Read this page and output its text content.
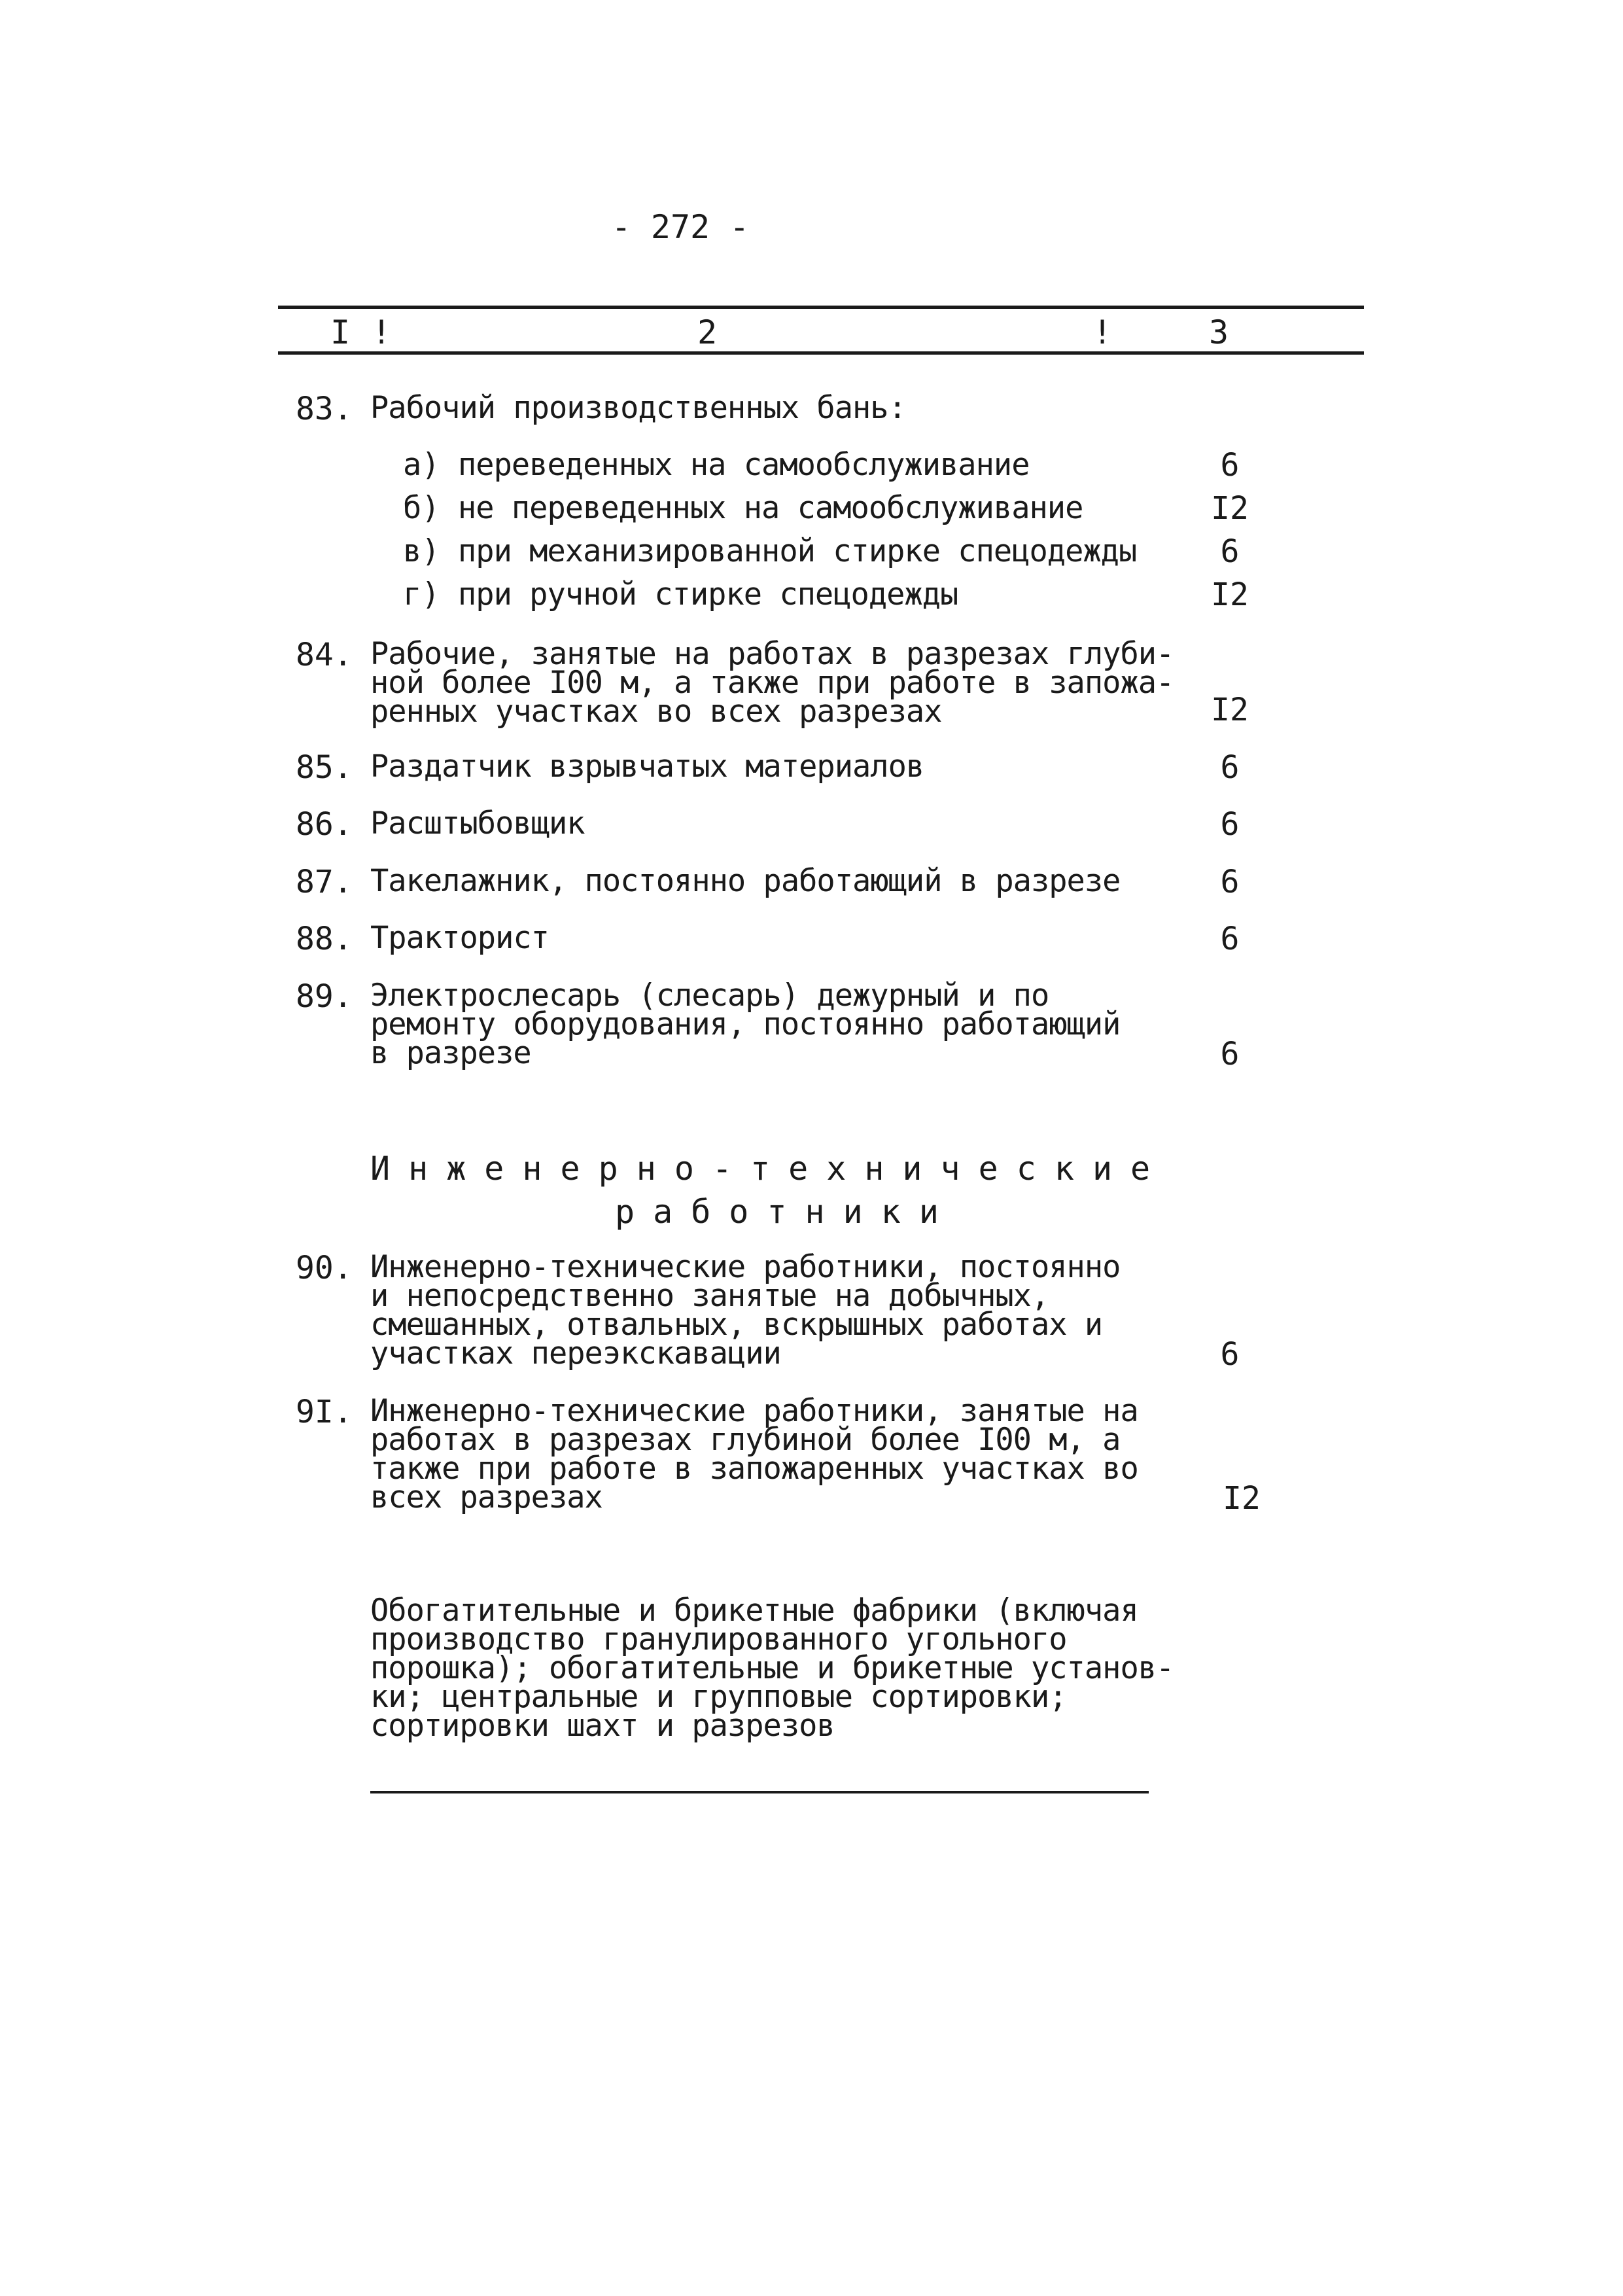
- 272 -
I !	2	!	3
83. Рабочий производственных бань:
а) переведенных на самообслуживание	6
б) не переведенных на самообслуживание	I2
в) при механизированной стирке спецодежды	6
г) при ручной стирке спецодежды	I2
84. Рабочие, занятые на работах в разрезах глуби-
ной более I00 м, а также при работе в запожа-
ренных участках во всех разрезах	I2
85. Раздатчик взрывчатых материалов	6
86. Расштыбовщик	6
87. Такелажник, постоянно работающий в разрезе	6
88. Тракторист	6
89. Электрослесарь (слесарь) дежурный и по
ремонту оборудования, постоянно работающий
в разрезе	6
Инженерно-технические
работники
90. Инженерно-технические работники, постоянно
и непосредственно занятые на добычных,
смешанных, отвальных, вскрышных работах и
участках переэкскавации	6
9I. Инженерно-технические работники, занятые на
работах в разрезах глубиной более I00 м, а
также при работе в запожаренных участках во
всех разрезах	I2
Обогатительные и брикетные фабрики (включая
производство гранулированного угольного
порошка); обогатительные и брикетные установ-
ки; центральные и групповые сортировки;
сортировки шахт и разрезов
